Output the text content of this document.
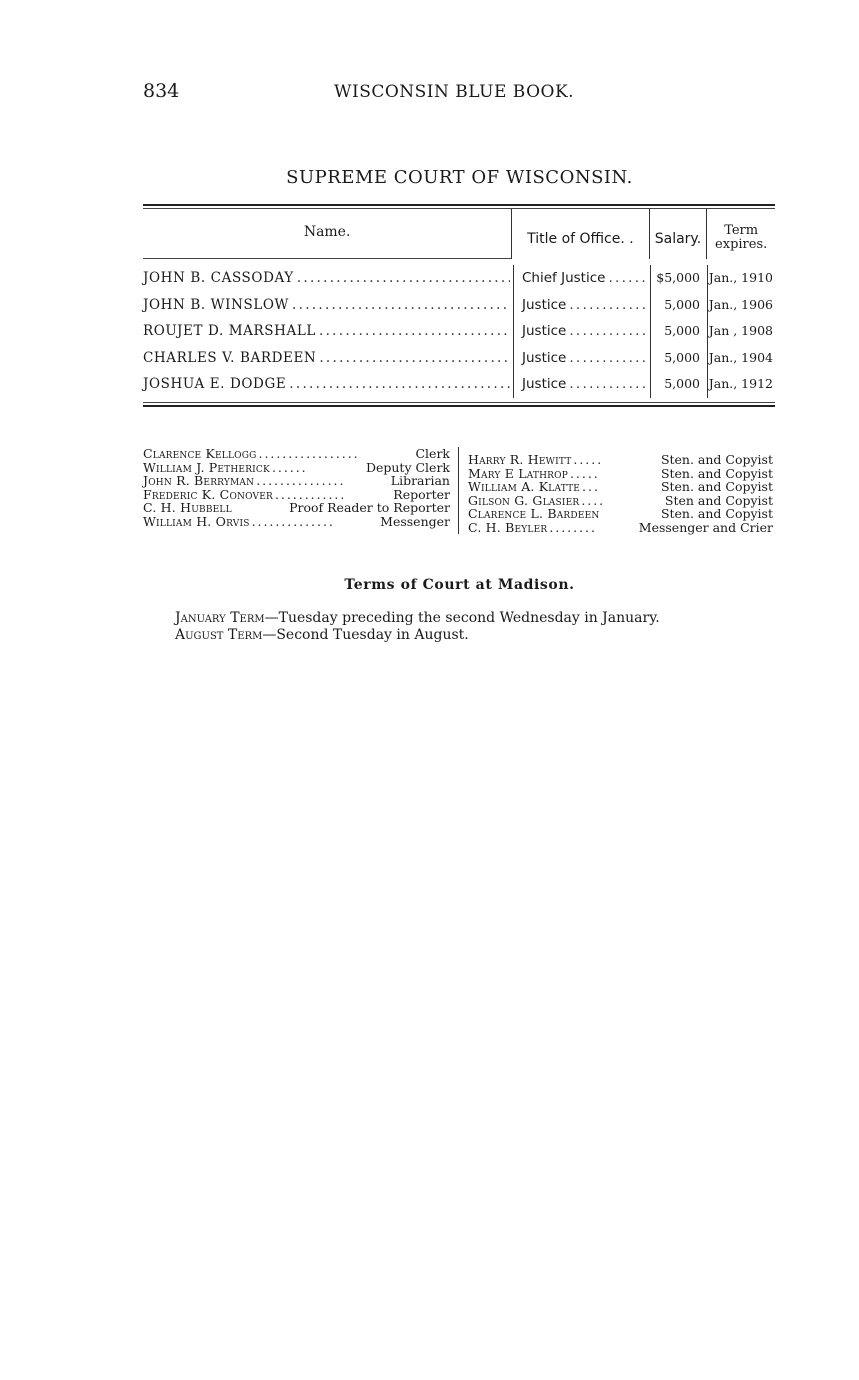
834	WISCONSIN BLUE BOOK.
SUPREME COURT OF WISCONSIN.
Name.	Title of Office. .	Salary.
Term
expires.
JOHN B. CASSODAY . . .	Chief Justice . . .	$5,000 Jan., 1910
JOHN B. WINSLOW . . .	Justice . . .	5,000 Jan., 1906
ROUJET D. MARSHALL . . .	Justice . . .	5,000 Jan , 1908
CHARLES V. BARDEEN . . .	Justice . . .	5,000 Jan., 1904
JOSHUA E. DODGE . . .	Justice . . .	5,000 Jan., 1912
Clarence Kellogg . . . . . . . . . . . . . . . . .	Clerk
William J. Petherick . . . . . .	Deputy Clerk
John R. Berryman . . . . . . . . . . . . . . .	Librarian
Frederic K. Conover . . . . . . . . . . . .	Reporter
C. H. Hubbell	Proof Reader to Reporter
William H. Orvis . . . . . . . . . . . . . .	Messenger
Harry R. Hewitt . . . . .	Sten. and Copyist
Mary E Lathrop . . . . .	Sten. and Copyist
William A. Klatte . . .	Sten. and Copyist
Gilson G. Glasier . . . .	Sten and Copyist
Clarence L. Bardeen	Sten. and Copyist
C. H. Beyler . . . . . . . .	Messenger and Crier
Terms of Court at Madison.
January Term—Tuesday preceding the second Wednesday in January.
August Term—Second Tuesday in August.
